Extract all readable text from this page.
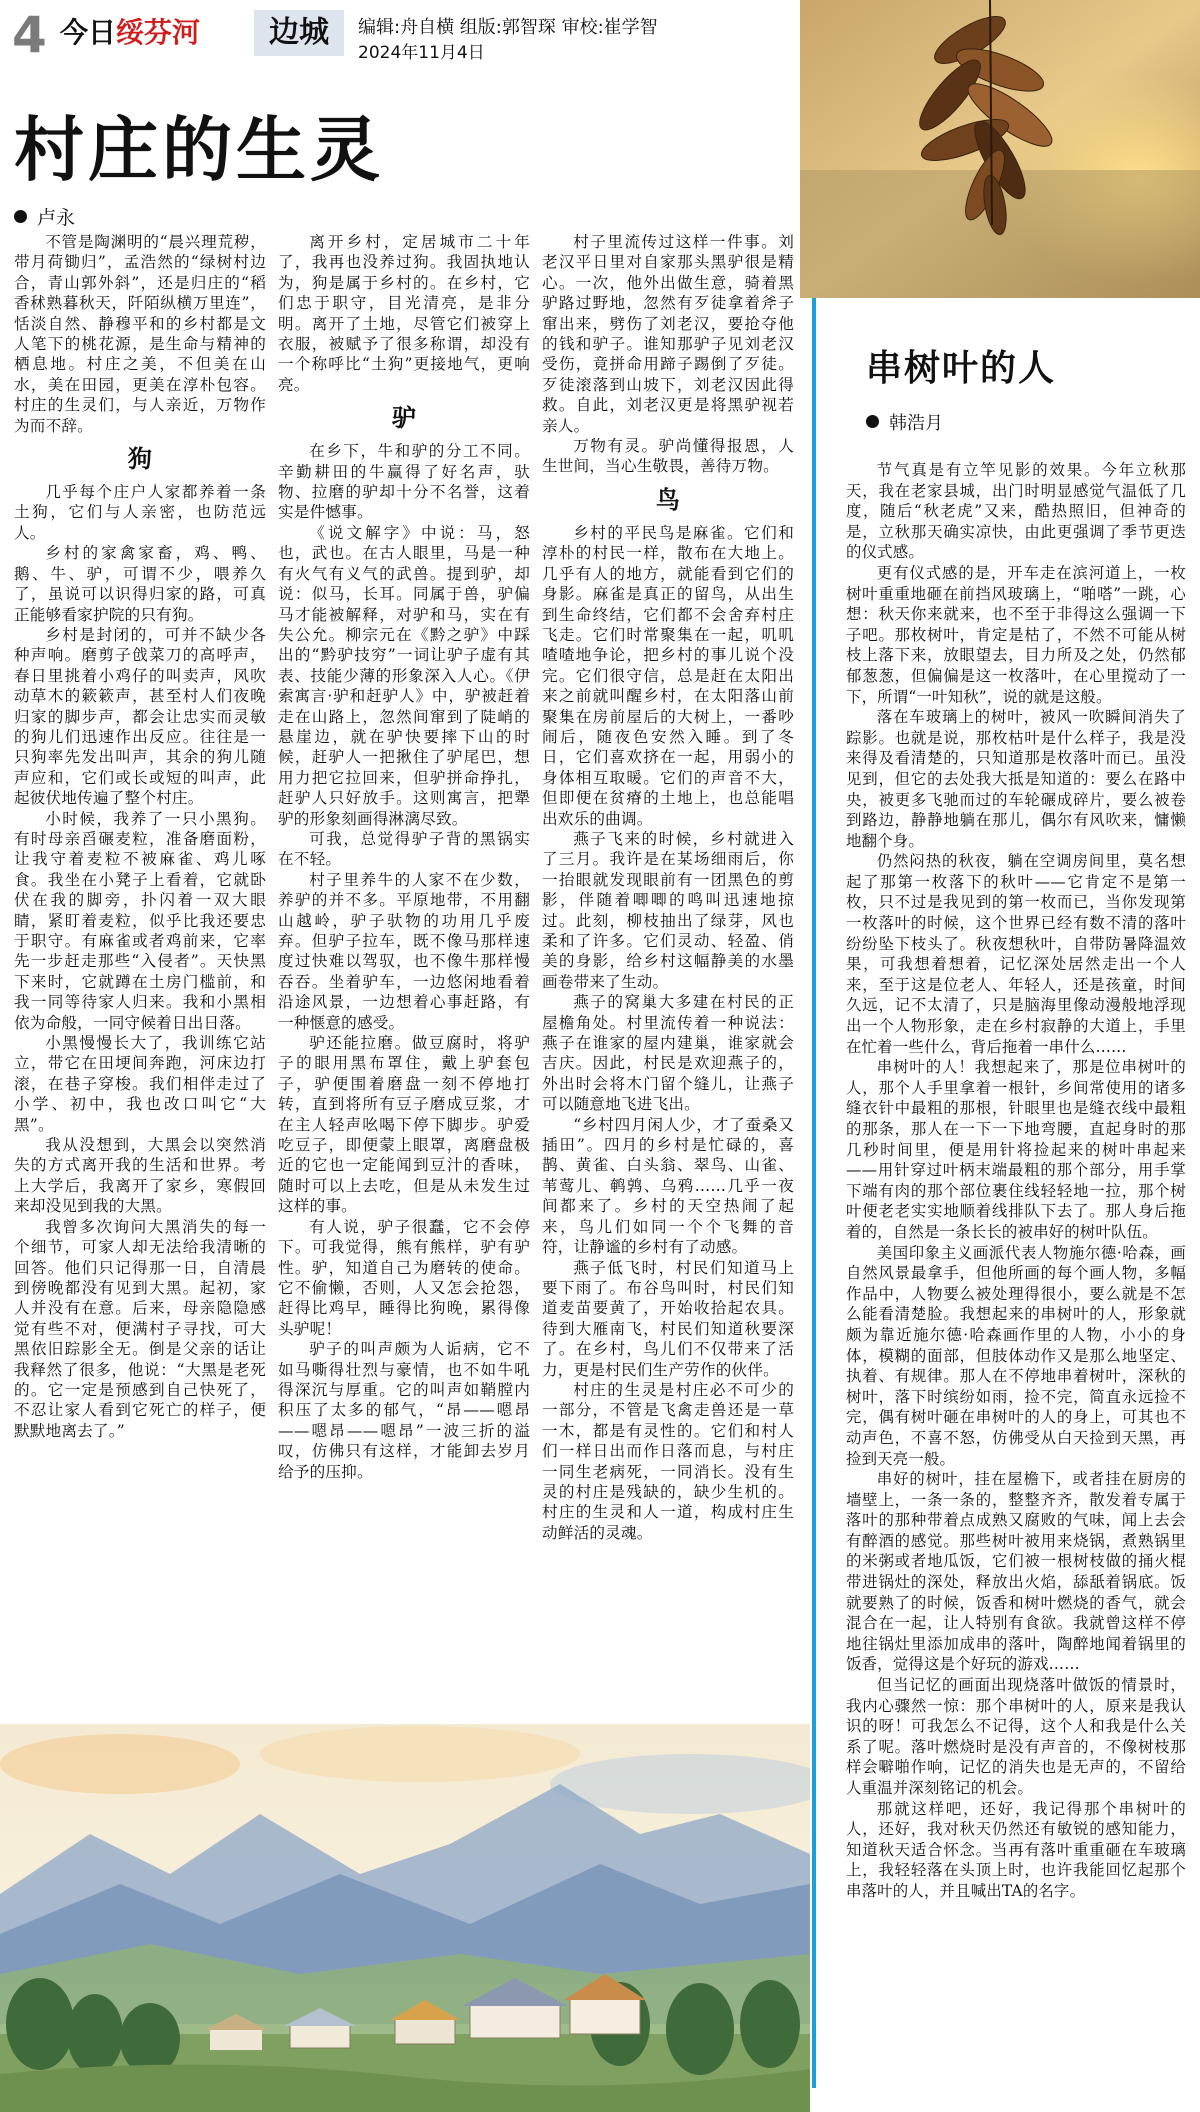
4 今日绥芬河	边城	编辑:舟自横 组版:郭智琛 审校:崔学智
2024年11月4日
村庄的生灵
卢永

不管是陶渊明的“晨兴理荒秽，带月荷锄归”，孟浩然的“绿树村边合，青山郭外斜”，还是归庄的“稻香秫熟暮秋天，阡陌纵横万里连”，恬淡自然、静穆平和的乡村都是文人笔下的桃花源，是生命与精神的栖息地。村庄之美，不但美在山水，美在田园，更美在淳朴包容。村庄的生灵们，与人亲近，万物作为而不辞。

狗

几乎每个庄户人家都养着一条土狗，它们与人亲密，也防范远人。

乡村的家禽家畜，鸡、鸭、鹅、牛、驴，可谓不少，喂养久了，虽说可以识得归家的路，可真正能够看家护院的只有狗。

乡村是封闭的，可并不缺少各种声响。磨剪子戗菜刀的高呼声，春日里挑着小鸡仔的叫卖声，风吹动草木的簌簌声，甚至村人们夜晚归家的脚步声，都会让忠实而灵敏的狗儿们迅速作出反应。往往是一只狗率先发出叫声，其余的狗儿随声应和，它们或长或短的叫声，此起彼伏地传遍了整个村庄。

小时候，我养了一只小黑狗。有时母亲舀碾麦粒，准备磨面粉，让我守着麦粒不被麻雀、鸡儿啄食。我坐在小凳子上看着，它就卧伏在我的脚旁，扑闪着一双大眼睛，紧盯着麦粒，似乎比我还要忠于职守。有麻雀或者鸡前来，它率先一步赶走那些“入侵者”。天快黑下来时，它就蹲在土房门槛前，和我一同等待家人归来。我和小黑相依为命般，一同守候着日出日落。

小黑慢慢长大了，我训练它站立，带它在田埂间奔跑，河床边打滚，在巷子穿梭。我们相伴走过了小学、初中，我也改口叫它“大黑”。

我从没想到，大黑会以突然消失的方式离开我的生活和世界。考上大学后，我离开了家乡，寒假回来却没见到我的大黑。

我曾多次询问大黑消失的每一个细节，可家人却无法给我清晰的回答。他们只记得那一日，自清晨到傍晚都没有见到大黑。起初，家人并没有在意。后来，母亲隐隐感觉有些不对，便满村子寻找，可大黑依旧踪影全无。倒是父亲的话让我释然了很多，他说：“大黑是老死的。它一定是预感到自己快死了，不忍让家人看到它死亡的样子，便默默地离去了。”

离开乡村，定居城市二十年了，我再也没养过狗。我固执地认为，狗是属于乡村的。在乡村，它们忠于职守，目光清亮，是非分明。离开了土地，尽管它们被穿上衣服，被赋予了很多称谓，却没有一个称呼比“土狗”更接地气，更响亮。

驴

在乡下，牛和驴的分工不同。辛勤耕田的牛赢得了好名声，驮物、拉磨的驴却十分不名誉，这着实是件憾事。

《说文解字》中说：马，怒也，武也。在古人眼里，马是一种有火气有义气的武兽。提到驴，却说：似马，长耳。同属于兽，驴偏马才能被解释，对驴和马，实在有失公允。柳宗元在《黔之驴》中踩出的“黔驴技穷”一词让驴子虚有其表、技能少薄的形象深入人心。《伊索寓言·驴和赶驴人》中，驴被赶着走在山路上，忽然间窜到了陡峭的悬崖边，就在驴快要摔下山的时候，赶驴人一把揪住了驴尾巴，想用力把它拉回来，但驴拼命挣扎，赶驴人只好放手。这则寓言，把犟驴的形象刻画得淋漓尽致。

可我，总觉得驴子背的黑锅实在不轻。

村子里养牛的人家不在少数，养驴的并不多。平原地带，不用翻山越岭，驴子驮物的功用几乎废弃。但驴子拉车，既不像马那样速度过快难以驾驭，也不像牛那样慢吞吞。坐着驴车，一边悠闲地看着沿途风景，一边想着心事赶路，有一种惬意的感受。

驴还能拉磨。做豆腐时，将驴子的眼用黑布罩住，戴上驴套包子，驴便围着磨盘一刻不停地打转，直到将所有豆子磨成豆浆，才在主人轻声吆喝下停下脚步。驴爱吃豆子，即便蒙上眼罩，离磨盘极近的它也一定能闻到豆汁的香味，随时可以上去吃，但是从未发生过这样的事。

有人说，驴子很蠢，它不会停下。可我觉得，熊有熊样，驴有驴性。驴，知道自己为磨转的使命。它不偷懒，否则，人又怎会抢怨，赶得比鸡早，睡得比狗晚，累得像头驴呢！

驴子的叫声颇为人诟病，它不如马嘶得壮烈与豪情，也不如牛吼得深沉与厚重。它的叫声如鞘膛内积压了太多的郁气，“昂——嗯昂——嗯昂——嗯昂”一波三折的溢叹，仿佛只有这样，才能卸去岁月给予的压抑。

村子里流传过这样一件事。刘老汉平日里对自家那头黑驴很是精心。一次，他外出做生意，骑着黑驴路过野地，忽然有歹徒拿着斧子窜出来，劈伤了刘老汉，要抢夺他的钱和驴子。谁知那驴子见刘老汉受伤，竟拼命用蹄子踢倒了歹徒。歹徒滚落到山坡下，刘老汉因此得救。自此，刘老汉更是将黑驴视若亲人。

万物有灵。驴尚懂得报恩，人生世间，当心生敬畏，善待万物。

鸟

乡村的平民鸟是麻雀。它们和淳朴的村民一样，散布在大地上。几乎有人的地方，就能看到它们的身影。麻雀是真正的留鸟，从出生到生命终结，它们都不会舍弃村庄飞走。它们时常聚集在一起，叽叽喳喳地争论，把乡村的事儿说个没完。它们很守信，总是赶在太阳出来之前就叫醒乡村，在太阳落山前聚集在房前屋后的大树上，一番吵闹后，随夜色安然入睡。到了冬日，它们喜欢挤在一起，用弱小的身体相互取暖。它们的声音不大，但即便在贫瘠的土地上，也总能唱出欢乐的曲调。

燕子飞来的时候，乡村就进入了三月。我许是在某场细雨后，你一抬眼就发现眼前有一团黑色的剪影，伴随着唧唧的鸣叫迅速地掠过。此刻，柳枝抽出了绿芽，风也柔和了许多。它们灵动、轻盈、俏美的身影，给乡村这幅静美的水墨画卷带来了生动。

燕子的窝巢大多建在村民的正屋檐角处。村里流传着一种说法：燕子在谁家的屋内建巢，谁家就会吉庆。因此，村民是欢迎燕子的，外出时会将木门留个缝儿，让燕子可以随意地飞进飞出。

“乡村四月闲人少，才了蚕桑又插田”。四月的乡村是忙碌的，喜鹊、黄雀、白头翁、翠鸟、山雀、苇莺儿、鹌鹑、乌鸦……几乎一夜间都来了。乡村的天空热闹了起来，鸟儿们如同一个个飞舞的音符，让静谧的乡村有了动感。

燕子低飞时，村民们知道马上要下雨了。布谷鸟叫时，村民们知道麦苗要黄了，开始收拾起农具。待到大雁南飞，村民们知道秋要深了。在乡村，鸟儿们不仅带来了活力，更是村民们生产劳作的伙伴。

村庄的生灵是村庄必不可少的一部分，不管是飞禽走兽还是一草一木，都是有灵性的。它们和村人们一样日出而作日落而息，与村庄一同生老病死，一同消长。没有生灵的村庄是残缺的，缺少生机的。村庄的生灵和人一道，构成村庄生动鲜活的灵魂。

串树叶的人
韩浩月

节气真是有立竿见影的效果。今年立秋那天，我在老家县城，出门时明显感觉气温低了几度，随后“秋老虎”又来，酷热照旧，但神奇的是，立秋那天确实凉快，由此更强调了季节更迭的仪式感。

更有仪式感的是，开车走在滨河道上，一枚树叶重重地砸在前挡风玻璃上，“啪嗒”一跳，心想：秋天你来就来，也不至于非得这么强调一下子吧。那枚树叶，肯定是枯了，不然不可能从树枝上落下来，放眼望去，目力所及之处，仍然郁郁葱葱，但偏偏是这一枚落叶，在心里搅动了一下，所谓“一叶知秋”，说的就是这般。

落在车玻璃上的树叶，被风一吹瞬间消失了踪影。也就是说，那枚枯叶是什么样子，我是没来得及看清楚的，只知道那是枚落叶而已。虽没见到，但它的去处我大抵是知道的：要么在路中央，被更多飞驰而过的车轮碾成碎片，要么被卷到路边，静静地躺在那儿，偶尔有风吹来，慵懒地翻个身。

仍然闷热的秋夜，躺在空调房间里，莫名想起了那第一枚落下的秋叶——它肯定不是第一枚，只不过是我见到的第一枚而已，当你发现第一枚落叶的时候，这个世界已经有数不清的落叶纷纷坠下枝头了。秋夜想秋叶，自带防暑降温效果，可我想着想着，记忆深处居然走出一个人来，至于这是位老人、年轻人，还是孩童，时间久远，记不太清了，只是脑海里像动漫般地浮现出一个人物形象，走在乡村寂静的大道上，手里在忙着一些什么，背后拖着一串什么……

串树叶的人！我想起来了，那是位串树叶的人，那个人手里拿着一根针，乡间常使用的诸多缝衣针中最粗的那根，针眼里也是缝衣线中最粗的那条，那人在一下一下地弯腰，直起身时的那几秒时间里，便是用针将捡起来的树叶串起来——用针穿过叶柄末端最粗的那个部分，用手掌下端有肉的那个部位裹住线轻轻地一拉，那个树叶便老老实实地顺着线排队下去了。那人身后拖着的，自然是一条长长的被串好的树叶队伍。

美国印象主义画派代表人物施尔德·哈森，画自然风景最拿手，但他所画的每个画人物，多幅作品中，人物要么被处理得很小，要么就是不怎么能看清楚脸。我想起来的串树叶的人，形象就颇为靠近施尔德·哈森画作里的人物，小小的身体，模糊的面部，但肢体动作又是那么地坚定、执着、有规律。那人在不停地串着树叶，深秋的树叶，落下时缤纷如雨，捡不完，简直永远捡不完，偶有树叶砸在串树叶的人的身上，可其也不动声色，不喜不怒，仿佛受从白天捡到天黑，再捡到天亮一般。

串好的树叶，挂在屋檐下，或者挂在厨房的墙壁上，一条一条的，整整齐齐，散发着专属于落叶的那种带着点成熟又腐败的气味，闻上去会有醉酒的感觉。那些树叶被用来烧锅，煮熟锅里的米粥或者地瓜饭，它们被一根树枝做的捅火棍带进锅灶的深处，释放出火焰，舔舐着锅底。饭就要熟了的时候，饭香和树叶燃烧的香气，就会混合在一起，让人特别有食欲。我就曾这样不停地往锅灶里添加成串的落叶，陶醉地闻着锅里的饭香，觉得这是个好玩的游戏……

但当记忆的画面出现烧落叶做饭的情景时，我内心骤然一惊：那个串树叶的人，原来是我认识的呀！可我怎么不记得，这个人和我是什么关系了呢。落叶燃烧时是没有声音的，不像树枝那样会噼啪作响，记忆的消失也是无声的，不留给人重温并深刻铭记的机会。

那就这样吧，还好，我记得那个串树叶的人，还好，我对秋天仍然还有敏锐的感知能力，知道秋天适合怀念。当再有落叶重重砸在车玻璃上，我轻轻落在头顶上时，也许我能回忆起那个串落叶的人，并且喊出TA的名字。
